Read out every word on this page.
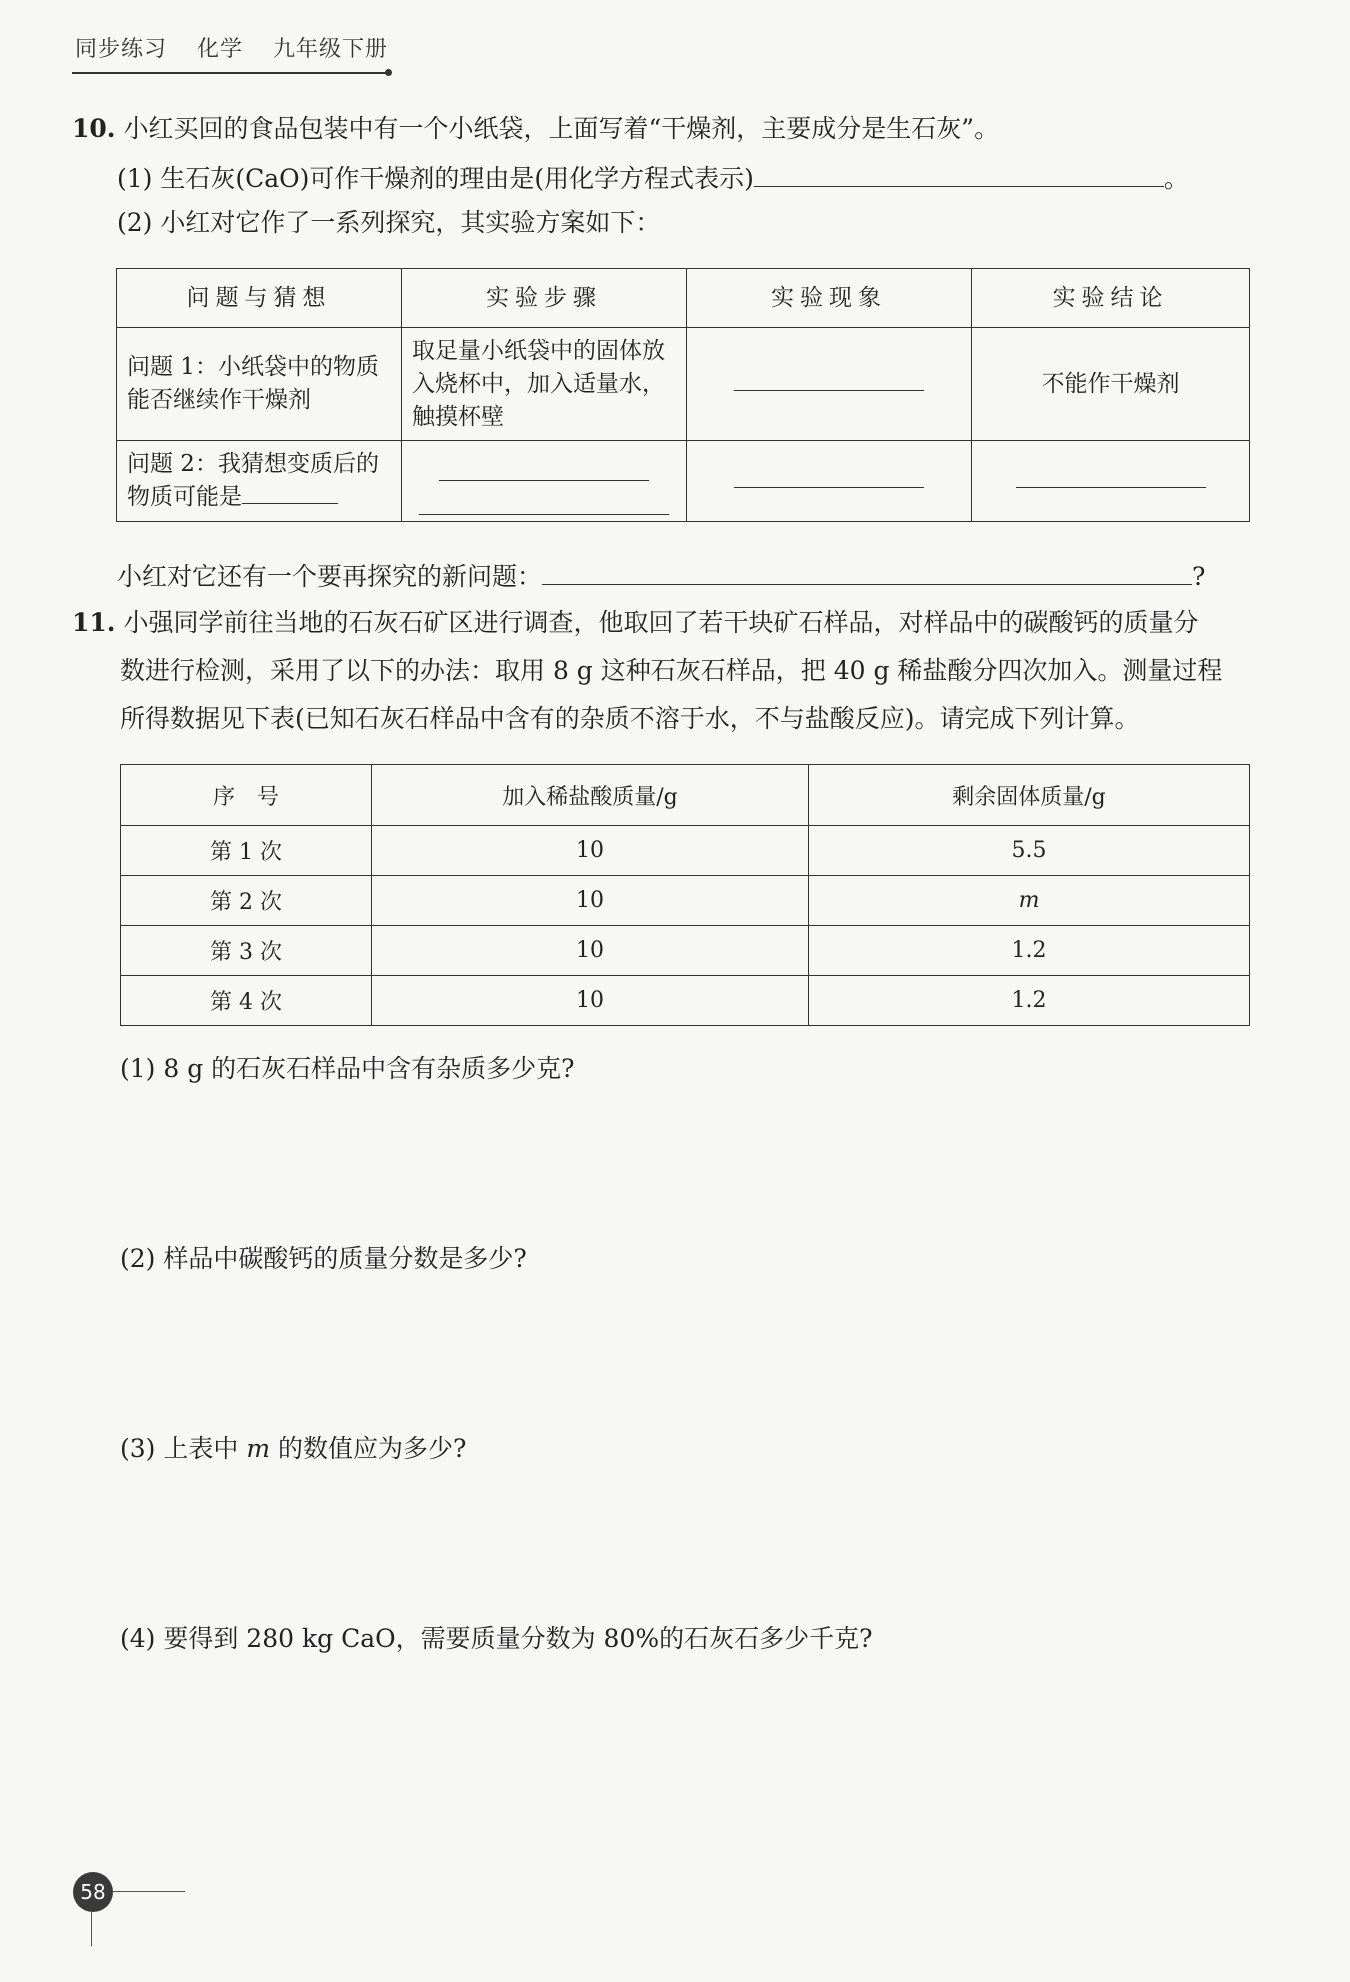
同步练习 化学 九年级下册
10. 小红买回的食品包装中有一个小纸袋，上面写着“干燥剂，主要成分是生石灰”。
(1) 生石灰(CaO)可作干燥剂的理由是(用化学方程式表示)	。
(2) 小红对它作了一系列探究，其实验方案如下：
问题与猜想	实验步骤	实验现象	实验结论
问题 1：小纸袋中的物质能否继续作干燥剂	取足量小纸袋中的固体放入烧杯中，加入适量水，触摸杯壁		不能作干燥剂
问题 2：我猜想变质后的物质可能是	

小红对它还有一个要再探究的新问题：	?
11. 小强同学前往当地的石灰石矿区进行调查，他取回了若干块矿石样品，对样品中的碳酸钙的质量分
数进行检测，采用了以下的办法：取用 8 g 这种石灰石样品，把 40 g 稀盐酸分四次加入。测量过程
所得数据见下表(已知石灰石样品中含有的杂质不溶于水，不与盐酸反应)。请完成下列计算。
序　号	加入稀盐酸质量/g	剩余固体质量/g
第 1 次	10	5.5
第 2 次	10	m
第 3 次	10	1.2
第 4 次	10	1.2
(1) 8 g 的石灰石样品中含有杂质多少克?
(2) 样品中碳酸钙的质量分数是多少?
(3) 上表中 m 的数值应为多少?
(4) 要得到 280 kg CaO，需要质量分数为 80%的石灰石多少千克?
58
